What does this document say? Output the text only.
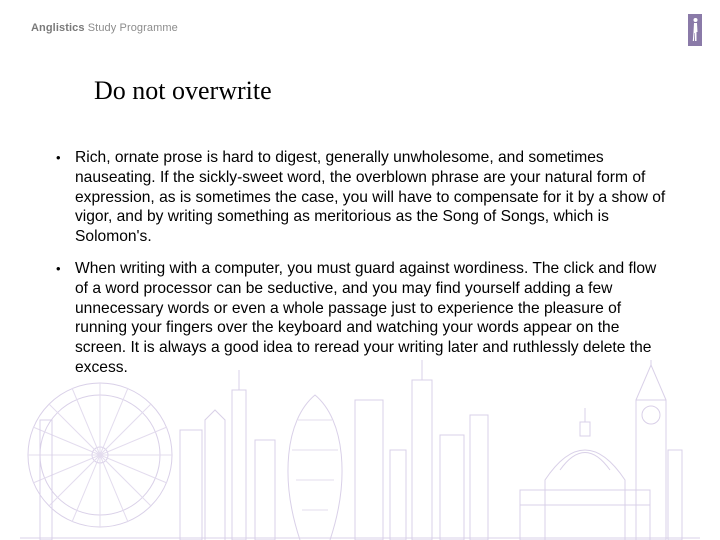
Anglistics Study Programme
Do not overwrite
• Rich, ornate prose is hard to digest, generally unwholesome, and sometimes nauseating. If the sickly-sweet word, the overblown phrase are your natural form of expression, as is sometimes the case, you will have to compensate for it by a show of vigor, and by writing something as meritorious as the Song of Songs, which is Solomon's.
• When writing with a computer, you must guard against wordiness. The click and flow of a word processor can be seductive, and you may find yourself adding a few unnecessary words or even a whole passage just to experience the pleasure of running your fingers over the keyboard and watching your words appear on the screen. It is always a good idea to reread your writing later and ruthlessly delete the excess.
